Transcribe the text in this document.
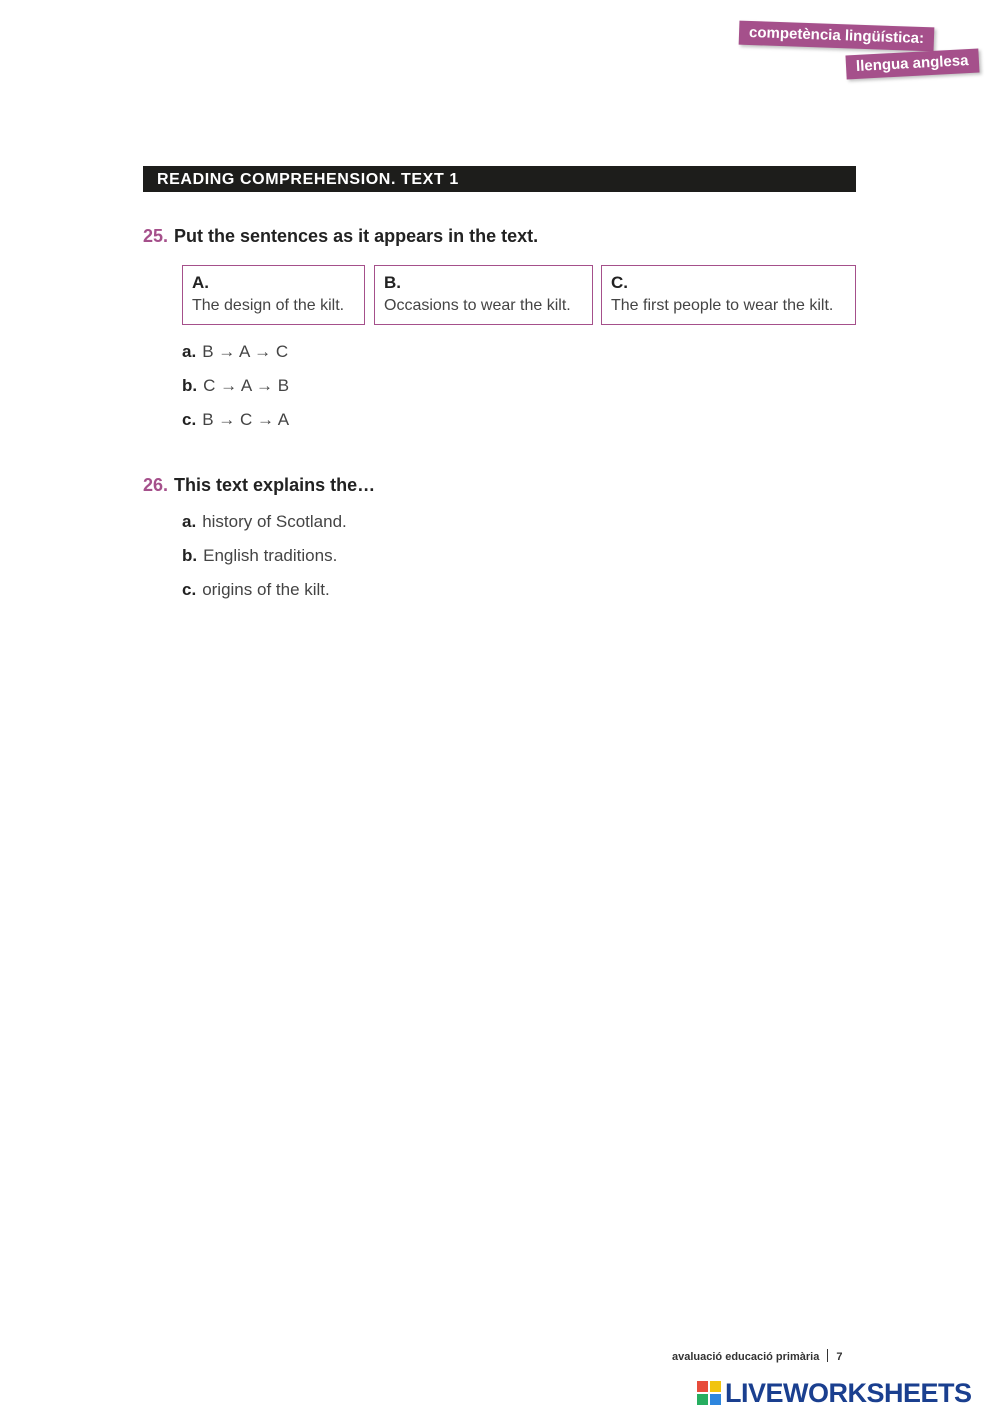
competència lingüística:
llengua anglesa
READING COMPREHENSION. TEXT 1
25. Put the sentences as it appears in the text.
A.
The design of the kilt.
B.
Occasions to wear the kilt.
C.
The first people to wear the kilt.
a. B → A → C
b. C → A → B
c. B → C → A
26. This text explains the…
a. history of Scotland.
b. English traditions.
c. origins of the kilt.
avaluació educació primària 7
LIVEWORKSHEETS
